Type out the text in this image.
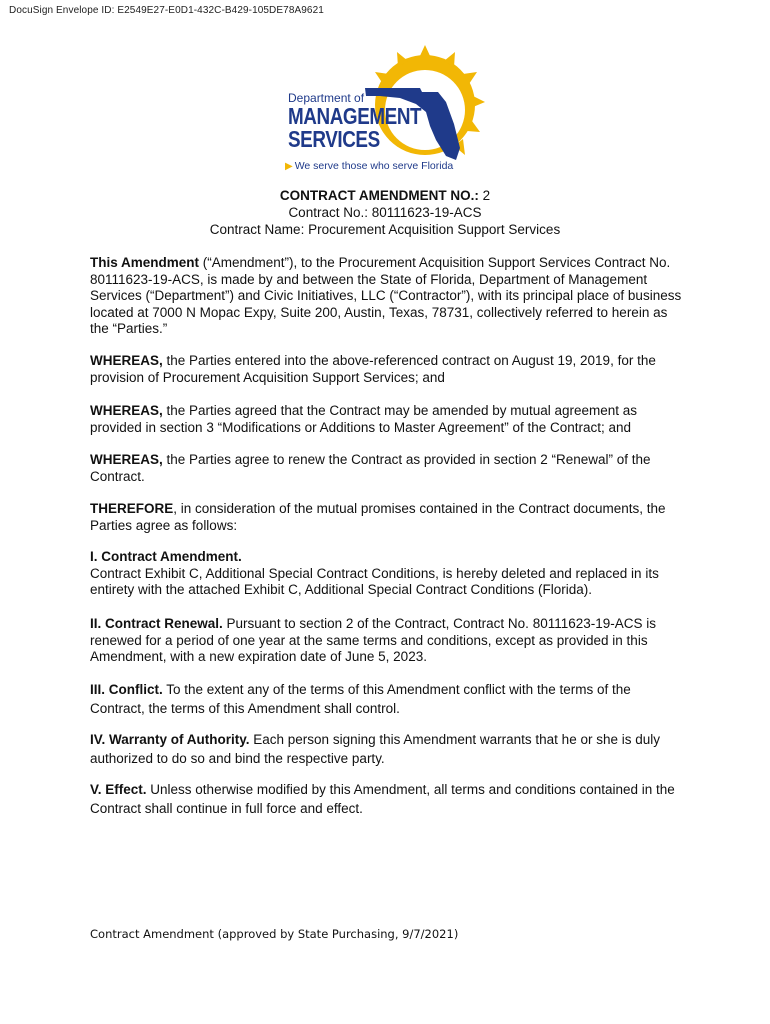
DocuSign Envelope ID: E2549E27-E0D1-432C-B429-105DE78A9621
Department of
MANAGEMENT
SERVICES
▶ We serve those who serve Florida
CONTRACT AMENDMENT NO.: 2
Contract No.: 80111623-19-ACS
Contract Name: Procurement Acquisition Support Services
This Amendment (“Amendment”), to the Procurement Acquisition Support Services Contract No. 80111623-19-ACS, is made by and between the State of Florida, Department of Management Services (“Department”) and Civic Initiatives, LLC (“Contractor”), with its principal place of business located at 7000 N Mopac Expy, Suite 200, Austin, Texas, 78731, collectively referred to herein as the “Parties.”
WHEREAS, the Parties entered into the above-referenced contract on August 19, 2019, for the provision of Procurement Acquisition Support Services; and
WHEREAS, the Parties agreed that the Contract may be amended by mutual agreement as provided in section 3 “Modifications or Additions to Master Agreement” of the Contract; and
WHEREAS, the Parties agree to renew the Contract as provided in section 2 “Renewal” of the Contract.
THEREFORE, in consideration of the mutual promises contained in the Contract documents, the Parties agree as follows:
I. Contract Amendment.
Contract Exhibit C, Additional Special Contract Conditions, is hereby deleted and replaced in its entirety with the attached Exhibit C, Additional Special Contract Conditions (Florida).
II. Contract Renewal. Pursuant to section 2 of the Contract, Contract No. 80111623-19-ACS is renewed for a period of one year at the same terms and conditions, except as provided in this Amendment, with a new expiration date of June 5, 2023.
III. Conflict. To the extent any of the terms of this Amendment conflict with the terms of the Contract, the terms of this Amendment shall control.
IV. Warranty of Authority. Each person signing this Amendment warrants that he or she is duly authorized to do so and bind the respective party.
V. Effect. Unless otherwise modified by this Amendment, all terms and conditions contained in the Contract shall continue in full force and effect.
Contract Amendment (approved by State Purchasing, 9/7/2021)
